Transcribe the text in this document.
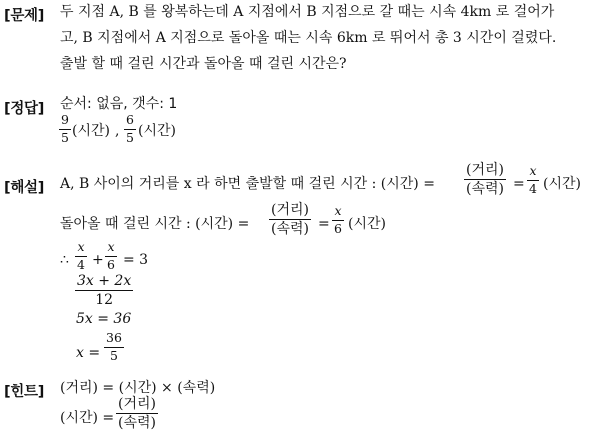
[문제] 두 지점 A, B 를 왕복하는데 A 지점에서 B 지점으로 갈 때는 시속 4km 로 걸어가
고, B 지점에서 A 지점으로 돌아올 때는 시속 6km 로 뛰어서 총 3 시간이 걸렸다.
출발 할 때 걸린 시간과 돌아올 때 걸린 시간은?
[정답] 순서: 없음, 갯수: 1
9
5 (시간) ,
6
5 (시간)
[해설] A, B 사이의 거리를 x 라 하면 출발할 때 걸린 시간 : (시간) =
(거리)
(속력) =
x
4 (시간)
돌아올 때 걸린 시간 : (시간) =
(거리)
(속력) =
x
6 (시간)
∴
x
4 +
x
6 = 3
3x + 2x
12
5x = 36
x =
36
5
[힌트] (거리) = (시간) × (속력)
(시간) =
(거리)
(속력)
